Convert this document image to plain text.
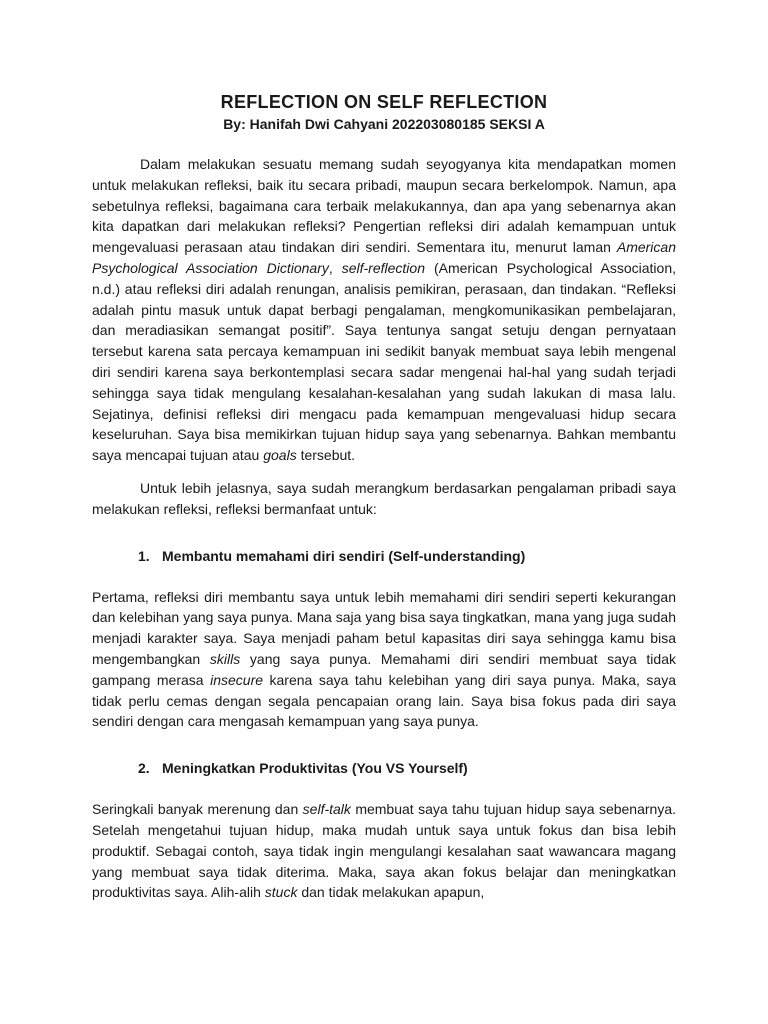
REFLECTION ON SELF REFLECTION

By: Hanifah Dwi Cahyani 202203080185 SEKSI A

Dalam melakukan sesuatu memang sudah seyogyanya kita mendapatkan momen untuk melakukan refleksi, baik itu secara pribadi, maupun secara berkelompok. Namun, apa sebetulnya refleksi, bagaimana cara terbaik melakukannya, dan apa yang sebenarnya akan kita dapatkan dari melakukan refleksi? Pengertian refleksi diri adalah kemampuan untuk mengevaluasi perasaan atau tindakan diri sendiri. Sementara itu, menurut laman American Psychological Association Dictionary, self-reflection (American Psychological Association, n.d.) atau refleksi diri adalah renungan, analisis pemikiran, perasaan, dan tindakan. “Refleksi adalah pintu masuk untuk dapat berbagi pengalaman, mengkomunikasikan pembelajaran, dan meradiasikan semangat positif”. Saya tentunya sangat setuju dengan pernyataan tersebut karena sata percaya kemampuan ini sedikit banyak membuat saya lebih mengenal diri sendiri karena saya berkontemplasi secara sadar mengenai hal-hal yang sudah terjadi sehingga saya tidak mengulang kesalahan-kesalahan yang sudah lakukan di masa lalu. Sejatinya, definisi refleksi diri mengacu pada kemampuan mengevaluasi hidup secara keseluruhan. Saya bisa memikirkan tujuan hidup saya yang sebenarnya. Bahkan membantu saya mencapai tujuan atau goals tersebut.

Untuk lebih jelasnya, saya sudah merangkum berdasarkan pengalaman pribadi saya melakukan refleksi, refleksi bermanfaat untuk:

1. Membantu memahami diri sendiri (Self-understanding)

Pertama, refleksi diri membantu saya untuk lebih memahami diri sendiri seperti kekurangan dan kelebihan yang saya punya. Mana saja yang bisa saya tingkatkan, mana yang juga sudah menjadi karakter saya. Saya menjadi paham betul kapasitas diri saya sehingga kamu bisa mengembangkan skills yang saya punya. Memahami diri sendiri membuat saya tidak gampang merasa insecure karena saya tahu kelebihan yang diri saya punya. Maka, saya tidak perlu cemas dengan segala pencapaian orang lain. Saya bisa fokus pada diri saya sendiri dengan cara mengasah kemampuan yang saya punya.

2. Meningkatkan Produktivitas (You VS Yourself)

Seringkali banyak merenung dan self-talk membuat saya tahu tujuan hidup saya sebenarnya. Setelah mengetahui tujuan hidup, maka mudah untuk saya untuk fokus dan bisa lebih produktif. Sebagai contoh, saya tidak ingin mengulangi kesalahan saat wawancara magang yang membuat saya tidak diterima. Maka, saya akan fokus belajar dan meningkatkan produktivitas saya. Alih-alih stuck dan tidak melakukan apapun,
